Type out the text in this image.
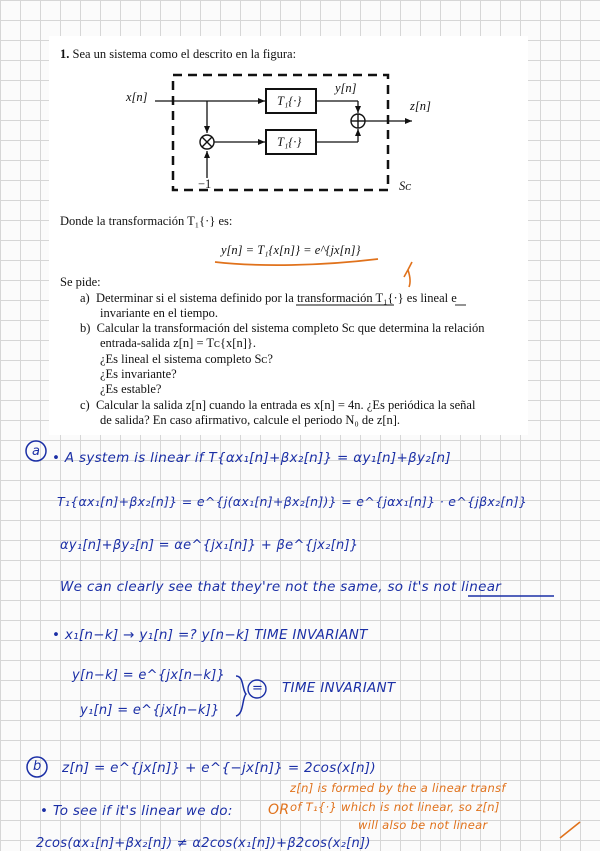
1. Sea un sistema como el descrito en la figura:
x[n]
y[n]
z[n]
T₁{·}
T₁{·}
−1	Sᴄ
Donde la transformación T₁{·} es:
y[n] = T₁{x[n]} = e^{jx[n]}
Se pide:
a) Determinar si el sistema definido por la transformación T₁{·} es lineal e
invariante en el tiempo.
b) Calcular la transformación del sistema completo Sᴄ que determina la relación
entrada-salida z[n] = Tᴄ{x[n]}.
¿Es lineal el sistema completo Sᴄ?
¿Es invariante?
¿Es estable?
c) Calcular la salida z[n] cuando la entrada es x[n] = 4n. ¿Es periódica la señal
de salida? En caso afirmativo, calcule el periodo N₀ de z[n].
a • A system is linear if T{αx₁[n]+βx₂[n]} = αy₁[n]+βy₂[n]
T₁{αx₁[n]+βx₂[n]} = e^{j(αx₁[n]+βx₂[n])} = e^{jαx₁[n]} · e^{jβx₂[n]}
αy₁[n]+βy₂[n] = αe^{jx₁[n]} + βe^{jx₂[n]}
We can clearly see that they're not the same, so it's not linear
• x₁[n−k] → y₁[n] =? y[n−k] TIME INVARIANT
y[n−k] = e^{jx[n−k]}
y₁[n] = e^{jx[n−k]}
= TIME INVARIANT
b z[n] = e^{jx[n]} + e^{−jx[n]} = 2cos(x[n])
• To see if it's linear we do:	OR
z[n] is formed by the a linear transf
of T₁{·} which is not linear, so z[n]
will also be not linear
2cos(αx₁[n]+βx₂[n]) ≠ α2cos(x₁[n])+β2cos(x₂[n])
